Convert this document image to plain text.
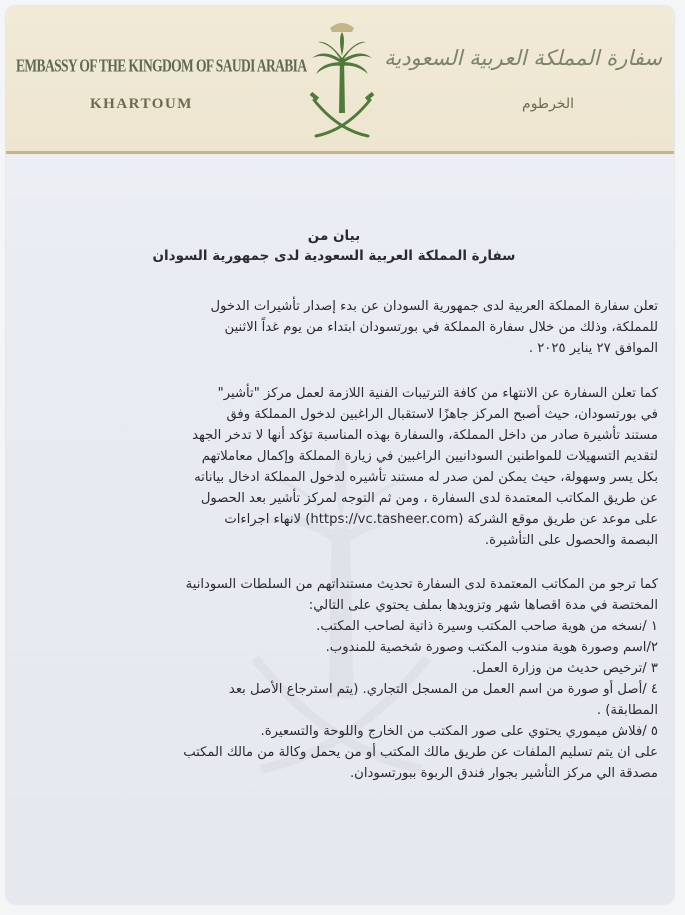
EMBASSY OF THE KINGDOM OF SAUDI ARABIA
KHARTOUM
سفارة المملكة العربية السعودية
الخرطوم
بيان من
سفارة المملكة العربية السعودية لدى جمهورية السودان
تعلن سفارة المملكة العربية لدى جمهورية السودان عن بدء إصدار تأشيرات الدخول
للمملكة، وذلك من خلال سفارة المملكة في بورتسودان ابتداء من يوم غداً الاثنين
الموافق ٢٧ يناير ٢٠٢٥ .
كما تعلن السفارة عن الانتهاء من كافة الترتيبات الفنية اللازمة لعمل مركز "تأشير"
في بورتسودان، حيث أصبح المركز جاهزًا لاستقبال الراغبين لدخول المملكة وفق
مستند تأشيرة صادر من داخل المملكة، والسفارة بهذه المناسبة تؤكد أنها لا تدخر الجهد
لتقديم التسهيلات للمواطنين السودانيين الراغبين في زيارة المملكة وإكمال معاملاتهم
بكل يسر وسهولة، حيث يمكن لمن صدر له مستند تأشيره لدخول المملكة ادخال بياناته
عن طريق المكاتب المعتمدة لدى السفارة ، ومن ثم التوجه لمركز تأشير بعد الحصول
على موعد عن طريق موقع الشركة (https://vc.tasheer.com) لانهاء اجراءات
البصمة والحصول على التأشيرة.
كما ترجو من المكاتب المعتمدة لدى السفارة تحديث مستنداتهم من السلطات السودانية
المختصة في مدة اقصاها شهر وتزويدها بملف يحتوي على التالي:
١ /نسخه من هوية صاحب المكتب وسيرة ذاتية لصاحب المكتب.
٢/اسم وصورة هوية مندوب المكتب وصورة شخصية للمندوب.
٣ /ترخيص حديث من وزارة العمل.
٤ /أصل أو صورة من اسم العمل من المسجل التجاري. (يتم استرجاع الأصل بعد
المطابقة) .
٥ /فلاش ميموري يحتوي على صور المكتب من الخارج واللوحة والتسعيرة.
على ان يتم تسليم الملفات عن طريق مالك المكتب أو من يحمل وكالة من مالك المكتب
مصدقة الي مركز التأشير بجوار فندق الربوة ببورتسودان.
